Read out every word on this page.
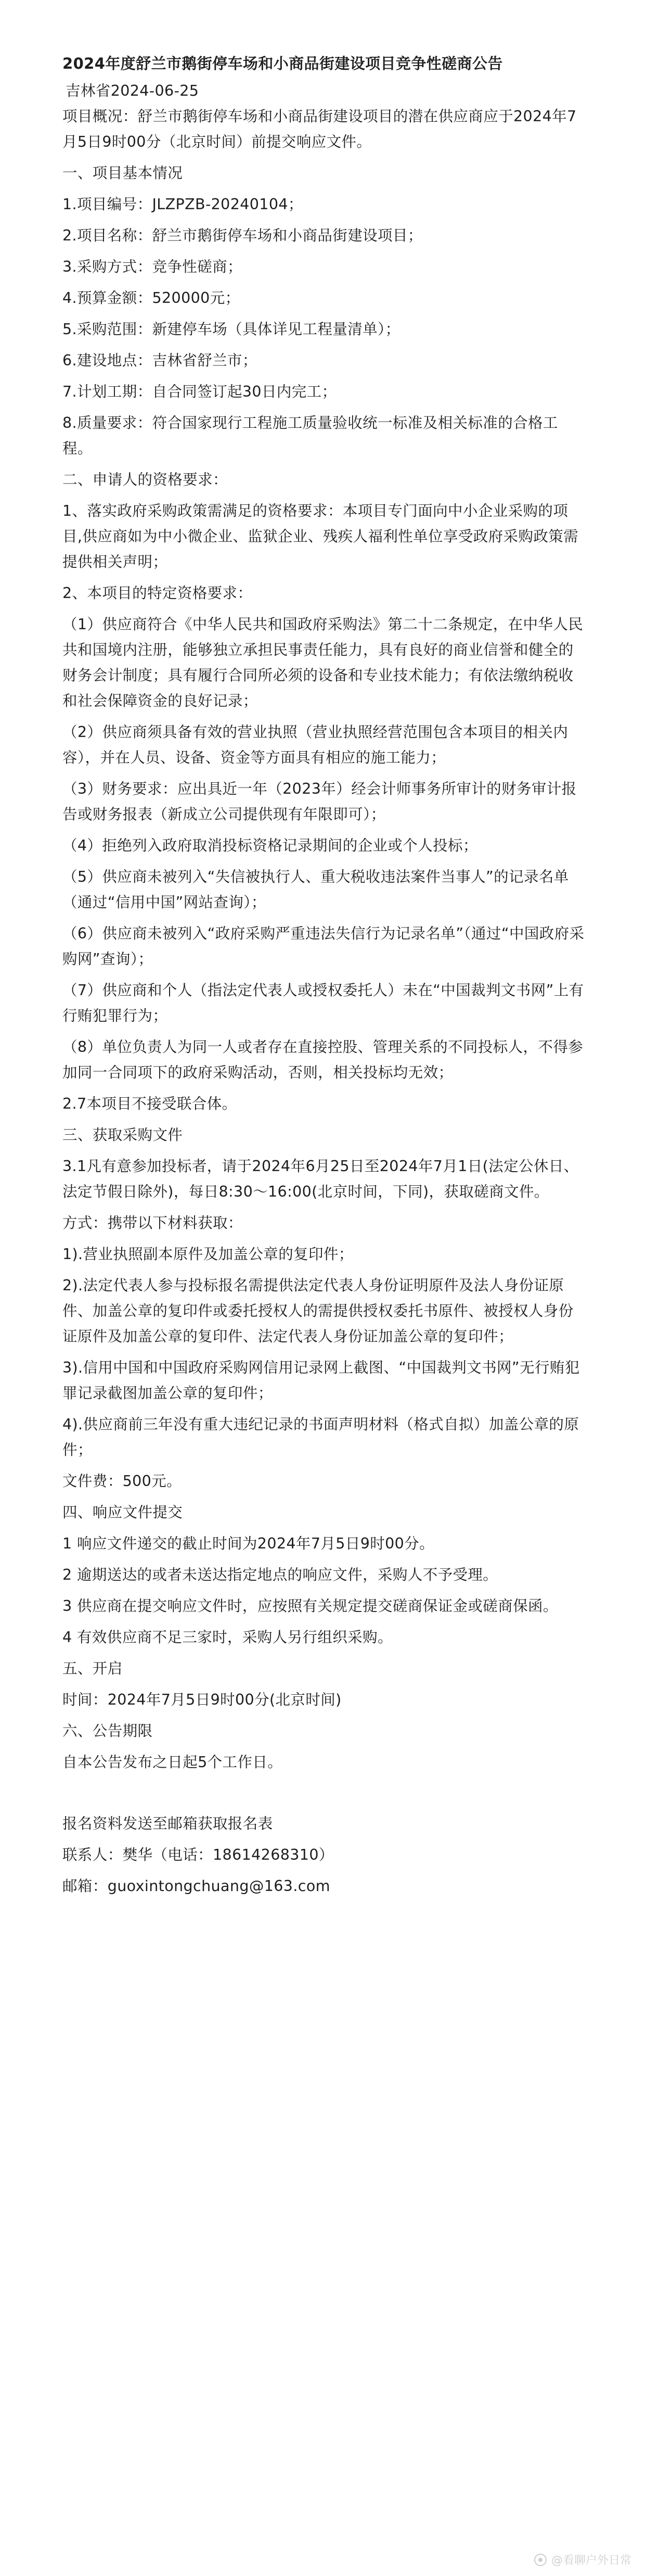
2024年度舒兰市鹅街停车场和小商品街建设项目竞争性磋商公告
吉林省2024-06-25
项目概况：舒兰市鹅街停车场和小商品街建设项目的潜在供应商应于2024年7月5日9时00分（北京时间）前提交响应文件。
一、项目基本情况
1.项目编号：JLZPZB-20240104；
2.项目名称：舒兰市鹅街停车场和小商品街建设项目；
3.采购方式：竞争性磋商；
4.预算金额：520000元；
5.采购范围：新建停车场（具体详见工程量清单）；
6.建设地点：吉林省舒兰市；
7.计划工期：自合同签订起30日内完工；
8.质量要求：符合国家现行工程施工质量验收统一标准及相关标准的合格工程。
二、申请人的资格要求：
1、落实政府采购政策需满足的资格要求：本项目专门面向中小企业采购的项目,供应商如为中小微企业、监狱企业、残疾人福利性单位享受政府采购政策需提供相关声明；
2、本项目的特定资格要求：
（1）供应商符合《中华人民共和国政府采购法》第二十二条规定，在中华人民共和国境内注册，能够独立承担民事责任能力，具有良好的商业信誉和健全的财务会计制度；具有履行合同所必须的设备和专业技术能力；有依法缴纳税收和社会保障资金的良好记录；
（2）供应商须具备有效的营业执照（营业执照经营范围包含本项目的相关内容），并在人员、设备、资金等方面具有相应的施工能力；
（3）财务要求：应出具近一年（2023年）经会计师事务所审计的财务审计报告或财务报表（新成立公司提供现有年限即可）；
（4）拒绝列入政府取消投标资格记录期间的企业或个人投标；
（5）供应商未被列入“失信被执行人、重大税收违法案件当事人”的记录名单（通过“信用中国”网站查询）；
（6）供应商未被列入“政府采购严重违法失信行为记录名单”（通过“中国政府采购网”查询）；
（7）供应商和个人（指法定代表人或授权委托人）未在“中国裁判文书网”上有行贿犯罪行为；
（8）单位负责人为同一人或者存在直接控股、管理关系的不同投标人，不得参加同一合同项下的政府采购活动，否则，相关投标均无效；
2.7本项目不接受联合体。
三、获取采购文件
3.1凡有意参加投标者，请于2024年6月25日至2024年7月1日(法定公休日、法定节假日除外)，每日8:30～16:00(北京时间，下同)，获取磋商文件。
方式：携带以下材料获取：
1).营业执照副本原件及加盖公章的复印件；
2).法定代表人参与投标报名需提供法定代表人身份证明原件及法人身份证原件、加盖公章的复印件或委托授权人的需提供授权委托书原件、被授权人身份证原件及加盖公章的复印件、法定代表人身份证加盖公章的复印件；
3).信用中国和中国政府采购网信用记录网上截图、“中国裁判文书网”无行贿犯罪记录截图加盖公章的复印件；
4).供应商前三年没有重大违纪记录的书面声明材料（格式自拟）加盖公章的原件；
文件费：500元。
四、响应文件提交
1 响应文件递交的截止时间为2024年7月5日9时00分。
2 逾期送达的或者未送达指定地点的响应文件，采购人不予受理。
3 供应商在提交响应文件时，应按照有关规定提交磋商保证金或磋商保函。
4 有效供应商不足三家时，采购人另行组织采购。
五、开启
时间：2024年7月5日9时00分(北京时间)
六、公告期限
自本公告发布之日起5个工作日。
报名资料发送至邮箱获取报名表
联系人：樊华（电话：18614268310）
邮箱：guoxintongchuang@163.com
@看聊户外日常
